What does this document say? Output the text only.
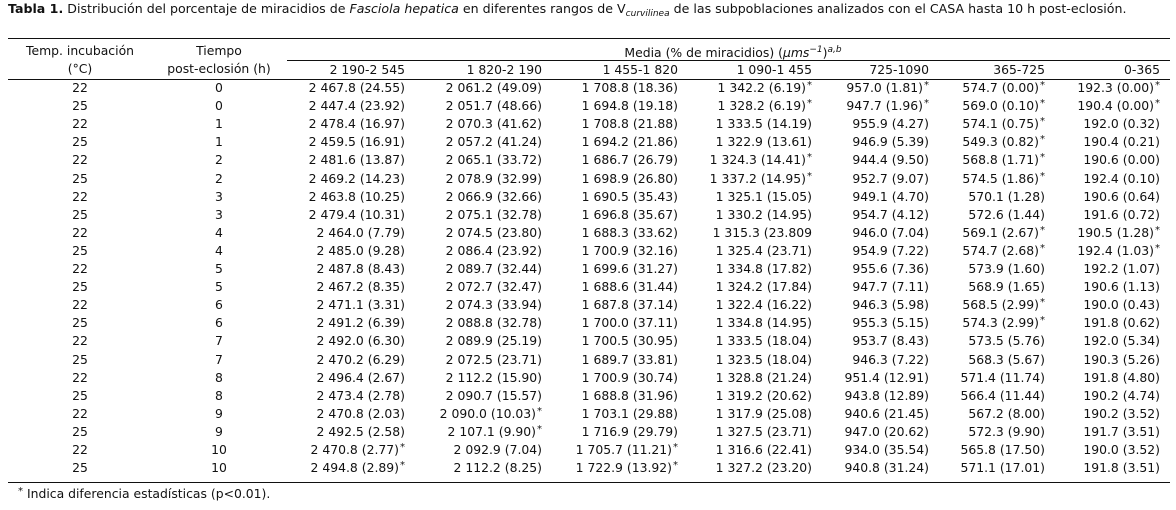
Tabla 1. Distribución del porcentaje de miracidios de Fasciola hepatica en diferentes rangos de $V_{curvilinea}$ de las subpoblaciones analizados con el CASA hasta 10 h post-eclosión.
Temp. incubación
(°C)
Tiempo
post-eclosión (h)
Media (% de miracidios) $(\mu ms^{-1})^{a,b}$
2 190-2 545	1 820-2 190	1 455-1 820	1 090-1 455	725-1090	365-725	0-365
22	0	2 467.8 (24.55)	2 061.2 (49.09)	1 708.8 (18.36)	1 342.2 (6.19)*	957.0 (1.81)*	574.7 (0.00)*	192.3 (0.00)*
25	0	2 447.4 (23.92)	2 051.7 (48.66)	1 694.8 (19.18)	1 328.2 (6.19)*	947.7 (1.96)*	569.0 (0.10)*	190.4 (0.00)*
22	1	2 478.4 (16.97)	2 070.3 (41.62)	1 708.8 (21.88)	1 333.5 (14.19)	955.9 (4.27)	574.1 (0.75)*	192.0 (0.32)
25	1	2 459.5 (16.91)	2 057.2 (41.24)	1 694.2 (21.86)	1 322.9 (13.61)	946.9 (5.39)	549.3 (0.82)*	190.4 (0.21)
22	2	2 481.6 (13.87)	2 065.1 (33.72)	1 686.7 (26.79)	1 324.3 (14.41)*	944.4 (9.50)	568.8 (1.71)*	190.6 (0.00)
25	2	2 469.2 (14.23)	2 078.9 (32.99)	1 698.9 (26.80)	1 337.2 (14.95)*	952.7 (9.07)	574.5 (1.86)*	192.4 (0.10)
22	3	2 463.8 (10.25)	2 066.9 (32.66)	1 690.5 (35.43)	1 325.1 (15.05)	949.1 (4.70)	570.1 (1.28)	190.6 (0.64)
25	3	2 479.4 (10.31)	2 075.1 (32.78)	1 696.8 (35.67)	1 330.2 (14.95)	954.7 (4.12)	572.6 (1.44)	191.6 (0.72)
22	4	2 464.0 (7.79)	2 074.5 (23.80)	1 688.3 (33.62)	1 315.3 (23.809	946.0 (7.04)	569.1 (2.67)*	190.5 (1.28)*
25	4	2 485.0 (9.28)	2 086.4 (23.92)	1 700.9 (32.16)	1 325.4 (23.71)	954.9 (7.22)	574.7 (2.68)*	192.4 (1.03)*
22	5	2 487.8 (8.43)	2 089.7 (32.44)	1 699.6 (31.27)	1 334.8 (17.82)	955.6 (7.36)	573.9 (1.60)	192.2 (1.07)
25	5	2 467.2 (8.35)	2 072.7 (32.47)	1 688.6 (31.44)	1 324.2 (17.84)	947.7 (7.11)	568.9 (1.65)	190.6 (1.13)
22	6	2 471.1 (3.31)	2 074.3 (33.94)	1 687.8 (37.14)	1 322.4 (16.22)	946.3 (5.98)	568.5 (2.99)*	190.0 (0.43)
25	6	2 491.2 (6.39)	2 088.8 (32.78)	1 700.0 (37.11)	1 334.8 (14.95)	955.3 (5.15)	574.3 (2.99)*	191.8 (0.62)
22	7	2 492.0 (6.30)	2 089.9 (25.19)	1 700.5 (30.95)	1 333.5 (18.04)	953.7 (8.43)	573.5 (5.76)	192.0 (5.34)
25	7	2 470.2 (6.29)	2 072.5 (23.71)	1 689.7 (33.81)	1 323.5 (18.04)	946.3 (7.22)	568.3 (5.67)	190.3 (5.26)
22	8	2 496.4 (2.67)	2 112.2 (15.90)	1 700.9 (30.74)	1 328.8 (21.24)	951.4 (12.91)	571.4 (11.74)	191.8 (4.80)
25	8	2 473.4 (2.78)	2 090.7 (15.57)	1 688.8 (31.96)	1 319.2 (20.62)	943.8 (12.89)	566.4 (11.44)	190.2 (4.74)
22	9	2 470.8 (2.03)	2 090.0 (10.03)*	1 703.1 (29.88)	1 317.9 (25.08)	940.6 (21.45)	567.2 (8.00)	190.2 (3.52)
25	9	2 492.5 (2.58)	2 107.1 (9.90)*	1 716.9 (29.79)	1 327.5 (23.71)	947.0 (20.62)	572.3 (9.90)	191.7 (3.51)
22	10	2 470.8 (2.77)*	2 092.9 (7.04)	1 705.7 (11.21)*	1 316.6 (22.41)	934.0 (35.54)	565.8 (17.50)	190.0 (3.52)
25	10	2 494.8 (2.89)*	2 112.2 (8.25)	1 722.9 (13.92)*	1 327.2 (23.20)	940.8 (31.24)	571.1 (17.01)	191.8 (3.51)
* Indica diferencia estadísticas (p<0.01).
